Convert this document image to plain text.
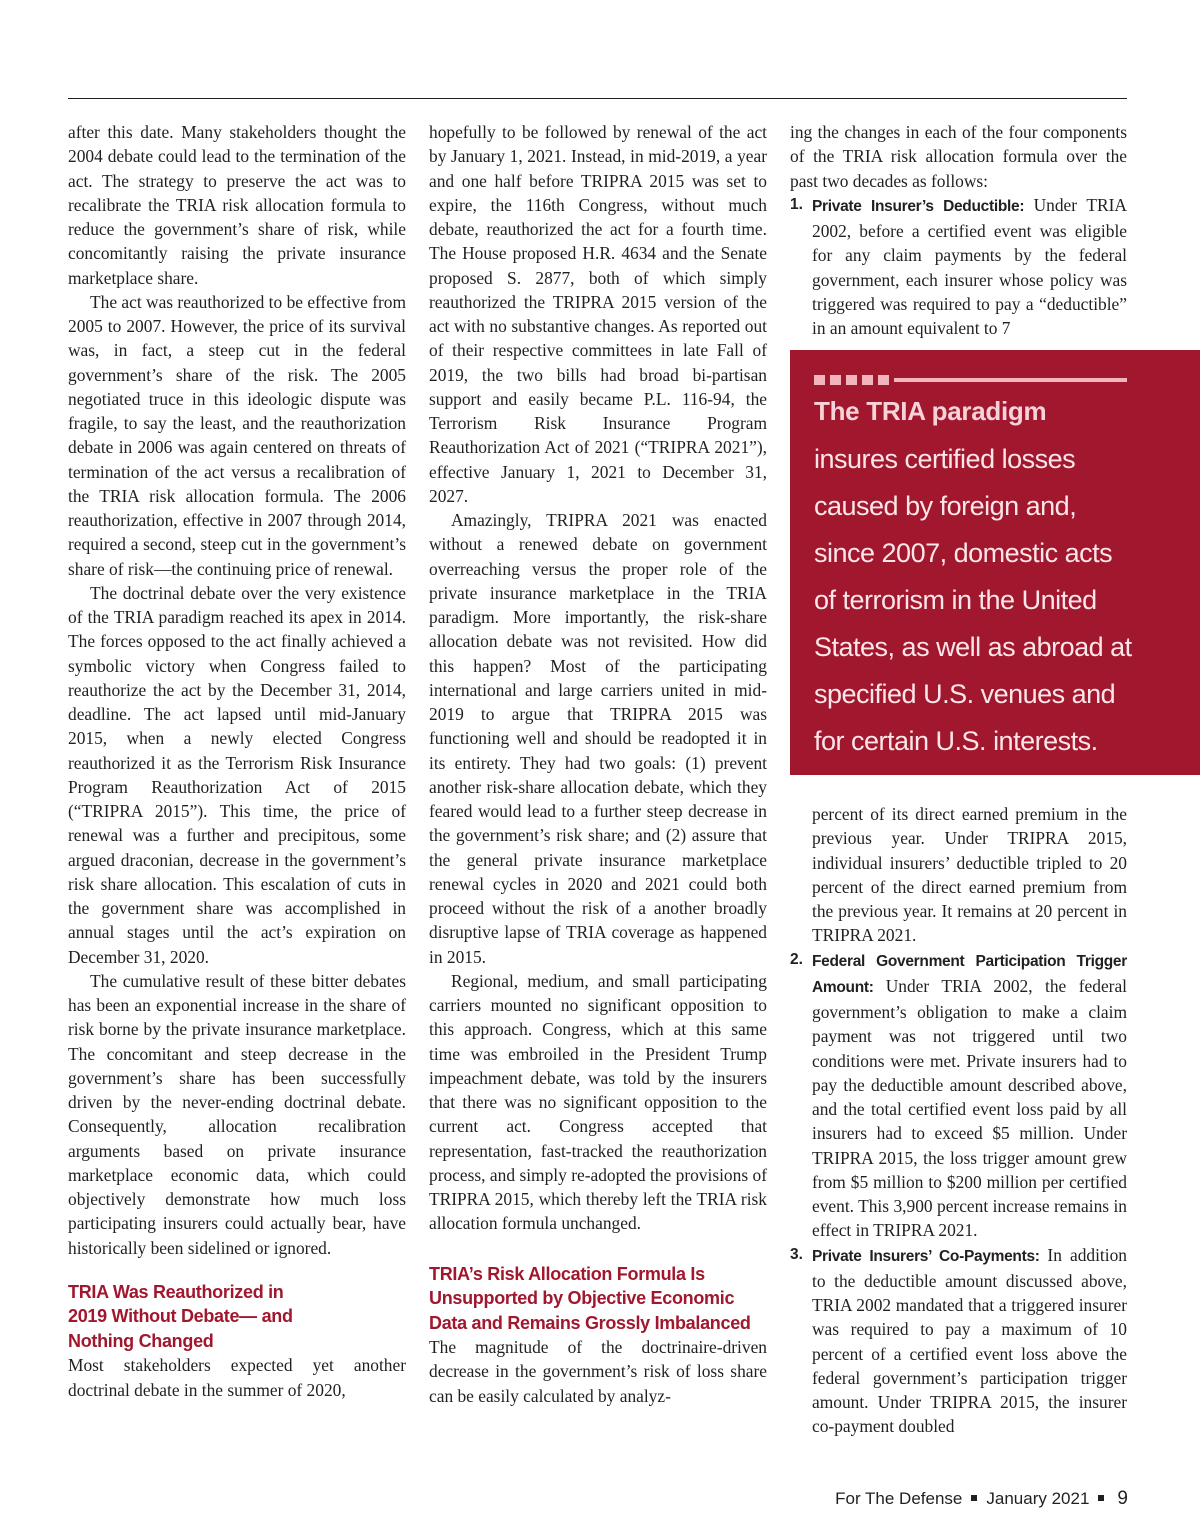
after this date. Many stakeholders thought the 2004 debate could lead to the termination of the act. The strategy to preserve the act was to recalibrate the TRIA risk allocation formula to reduce the government’s share of risk, while concomitantly raising the private insurance marketplace share.

The act was reauthorized to be effective from 2005 to 2007. However, the price of its survival was, in fact, a steep cut in the federal government’s share of the risk. The 2005 negotiated truce in this ideologic dispute was fragile, to say the least, and the reauthorization debate in 2006 was again centered on threats of termination of the act versus a recalibration of the TRIA risk allocation formula. The 2006 reauthorization, effective in 2007 through 2014, required a second, steep cut in the government’s share of risk—the continuing price of renewal.

The doctrinal debate over the very existence of the TRIA paradigm reached its apex in 2014. The forces opposed to the act finally achieved a symbolic victory when Congress failed to reauthorize the act by the December 31, 2014, deadline. The act lapsed until mid-January 2015, when a newly elected Congress reauthorized it as the Terrorism Risk Insurance Program Reauthorization Act of 2015 (“TRIPRA 2015”). This time, the price of renewal was a further and precipitous, some argued draconian, decrease in the government’s risk share allocation. This escalation of cuts in the government share was accomplished in annual stages until the act’s expiration on December 31, 2020.

The cumulative result of these bitter debates has been an exponential increase in the share of risk borne by the private insurance marketplace. The concomitant and steep decrease in the government’s share has been successfully driven by the never-ending doctrinal debate. Consequently, allocation recalibration arguments based on private insurance marketplace economic data, which could objectively demonstrate how much loss participating insurers could actually bear, have historically been sidelined or ignored.

TRIA Was Reauthorized in 2019 Without Debate— and Nothing Changed

Most stakeholders expected yet another doctrinal debate in the summer of 2020,

hopefully to be followed by renewal of the act by January 1, 2021. Instead, in mid-2019, a year and one half before TRIPRA 2015 was set to expire, the 116th Congress, without much debate, reauthorized the act for a fourth time. The House proposed H.R. 4634 and the Senate proposed S. 2877, both of which simply reauthorized the TRIPRA 2015 version of the act with no substantive changes. As reported out of their respective committees in late Fall of 2019, the two bills had broad bi-partisan support and easily became P.L. 116-94, the Terrorism Risk Insurance Program Reauthorization Act of 2021 (“TRIPRA 2021”), effective January 1, 2021 to December 31, 2027.

Amazingly, TRIPRA 2021 was enacted without a renewed debate on government overreaching versus the proper role of the private insurance marketplace in the TRIA paradigm. More importantly, the risk-share allocation debate was not revisited. How did this happen? Most of the participating international and large carriers united in mid-2019 to argue that TRIPRA 2015 was functioning well and should be readopted it in its entirety. They had two goals: (1) prevent another risk-share allocation debate, which they feared would lead to a further steep decrease in the government’s risk share; and (2) assure that the general private insurance marketplace renewal cycles in 2020 and 2021 could both proceed without the risk of a another broadly disruptive lapse of TRIA coverage as happened in 2015.

Regional, medium, and small participating carriers mounted no significant opposition to this approach. Congress, which at this same time was embroiled in the President Trump impeachment debate, was told by the insurers that there was no significant opposition to the current act. Congress accepted that representation, fast-tracked the reauthorization process, and simply re-adopted the provisions of TRIPRA 2015, which thereby left the TRIA risk allocation formula unchanged.

TRIA’s Risk Allocation Formula Is Unsupported by Objective Economic Data and Remains Grossly Imbalanced

The magnitude of the doctrinaire-driven decrease in the government’s risk of loss share can be easily calculated by analyz-

ing the changes in each of the four components of the TRIA risk allocation formula over the past two decades as follows:

1. Private Insurer’s Deductible: Under TRIA 2002, before a certified event was eligible for any claim payments by the federal government, each insurer whose policy was triggered was required to pay a “deductible” in an amount equivalent to 7
The TRIA paradigm
insures certified losses
caused by foreign and,
since 2007, domestic acts
of terrorism in the United
States, as well as abroad at
specified U.S. venues and
for certain U.S. interests.
percent of its direct earned premium in the previous year. Under TRIPRA 2015, individual insurers’ deductible tripled to 20 percent of the direct earned premium from the previous year. It remains at 20 percent in TRIPRA 2021.
2. Federal Government Participation Trigger Amount: Under TRIA 2002, the federal government’s obligation to make a claim payment was not triggered until two conditions were met. Private insurers had to pay the deductible amount described above, and the total certified event loss paid by all insurers had to exceed $5 million. Under TRIPRA 2015, the loss trigger amount grew from $5 million to $200 million per certified event. This 3,900 percent increase remains in effect in TRIPRA 2021.
3. Private Insurers’ Co-Payments: In addition to the deductible amount discussed above, TRIA 2002 mandated that a triggered insurer was required to pay a maximum of 10 percent of a certified event loss above the federal government’s participation trigger amount. Under TRIPRA 2015, the insurer co-payment doubled
For The Defense January 2021 9
